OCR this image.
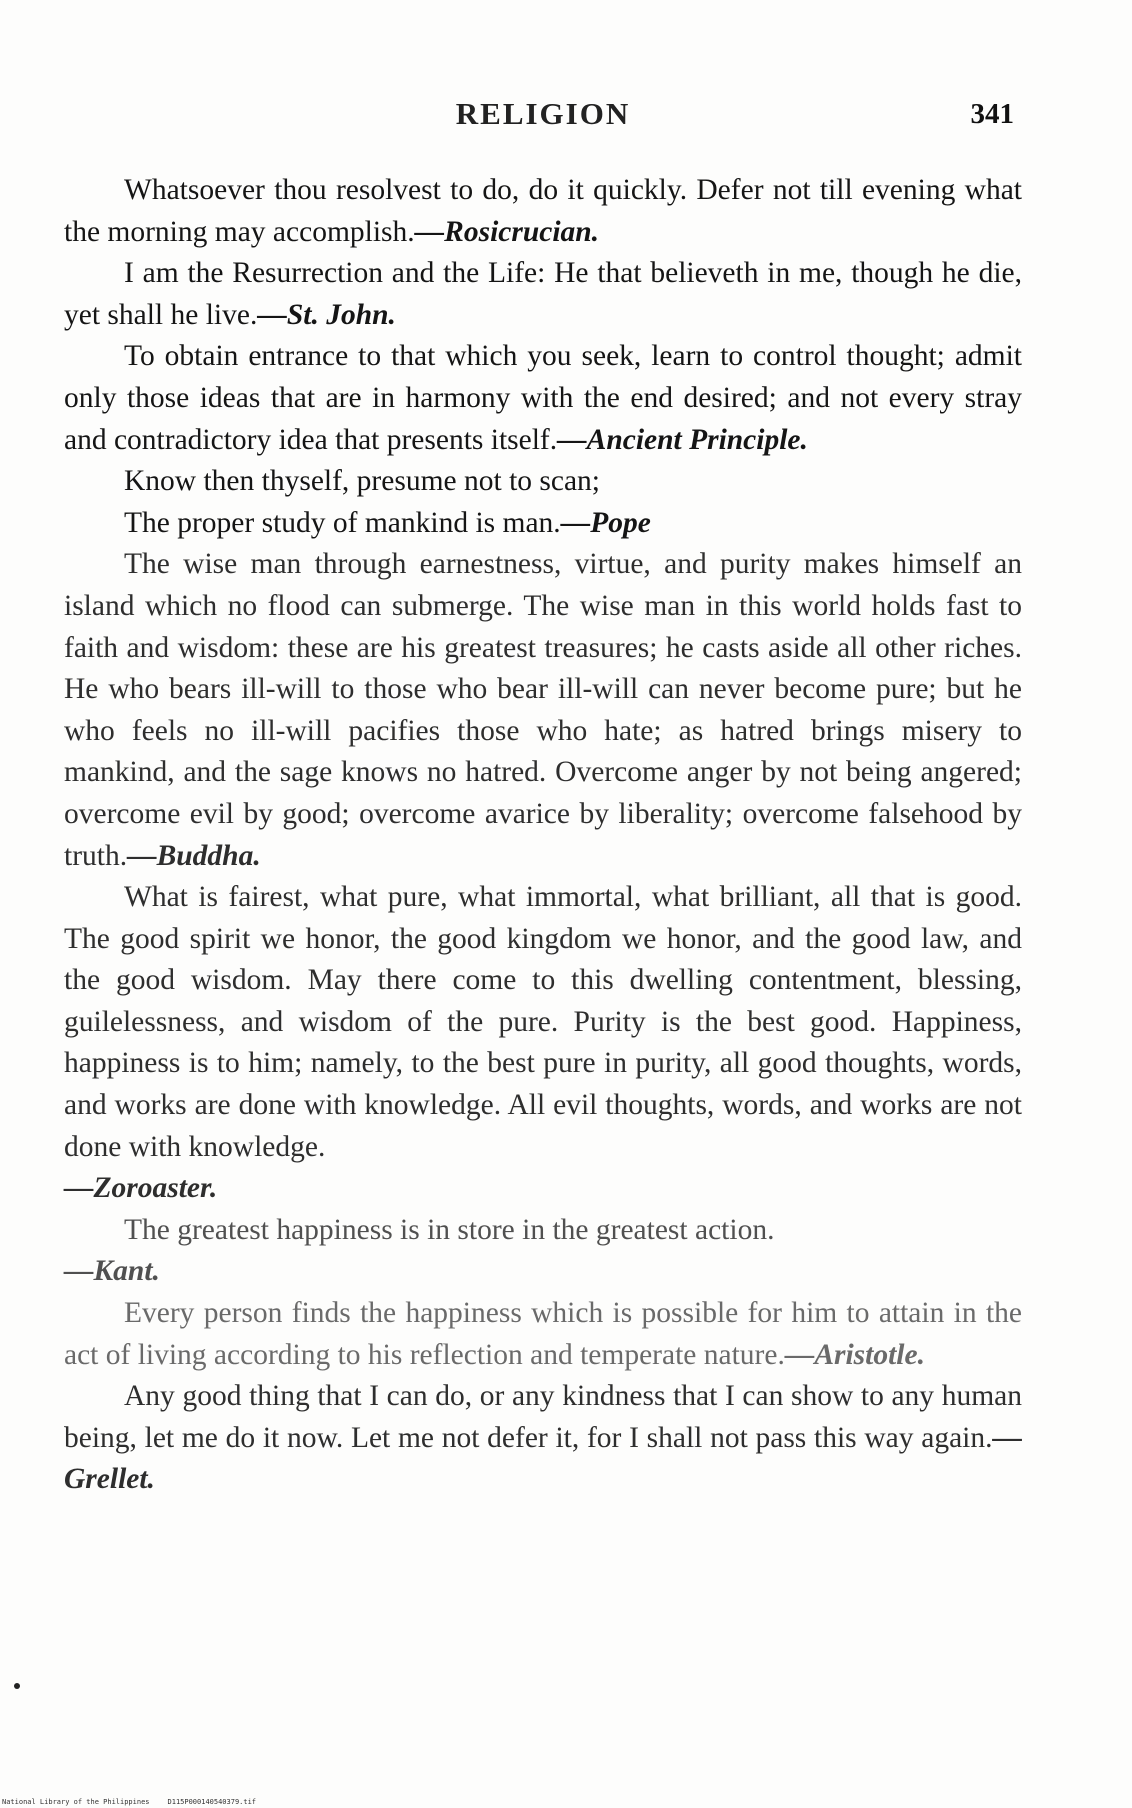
RELIGION	341

Whatsoever thou resolvest to do, do it quickly. Defer not till evening what the morning may accomplish.—Rosicrucian.

I am the Resurrection and the Life: He that believeth in me, though he die, yet shall he live.—St. John.

To obtain entrance to that which you seek, learn to control thought; admit only those ideas that are in harmony with the end desired; and not every stray and contradictory idea that presents itself.—Ancient Principle.

Know then thyself, presume not to scan;

The proper study of mankind is man.—Pope

The wise man through earnestness, virtue, and purity makes himself an island which no flood can submerge. The wise man in this world holds fast to faith and wisdom: these are his greatest treasures; he casts aside all other riches. He who bears ill-will to those who bear ill-will can never become pure; but he who feels no ill-will pacifies those who hate; as hatred brings misery to mankind, and the sage knows no hatred. Overcome anger by not being angered; overcome evil by good; overcome avarice by liberality; overcome falsehood by truth.—Buddha.

What is fairest, what pure, what immortal, what brilliant, all that is good. The good spirit we honor, the good kingdom we honor, and the good law, and the good wisdom. May there come to this dwelling contentment, blessing, guilelessness, and wisdom of the pure. Purity is the best good. Happiness, happiness is to him; namely, to the best pure in purity, all good thoughts, words, and works are done with knowledge. All evil thoughts, words, and works are not done with knowledge.
—Zoroaster.

The greatest happiness is in store in the greatest action.
—Kant.

Every person finds the happiness which is possible for him to attain in the act of living according to his reflection and temperate nature.—Aristotle.

Any good thing that I can do, or any kindness that I can show to any human being, let me do it now. Let me not defer it, for I shall not pass this way again.—Grellet.

National Library of the Philippines	D115P0001405403​79.tif
